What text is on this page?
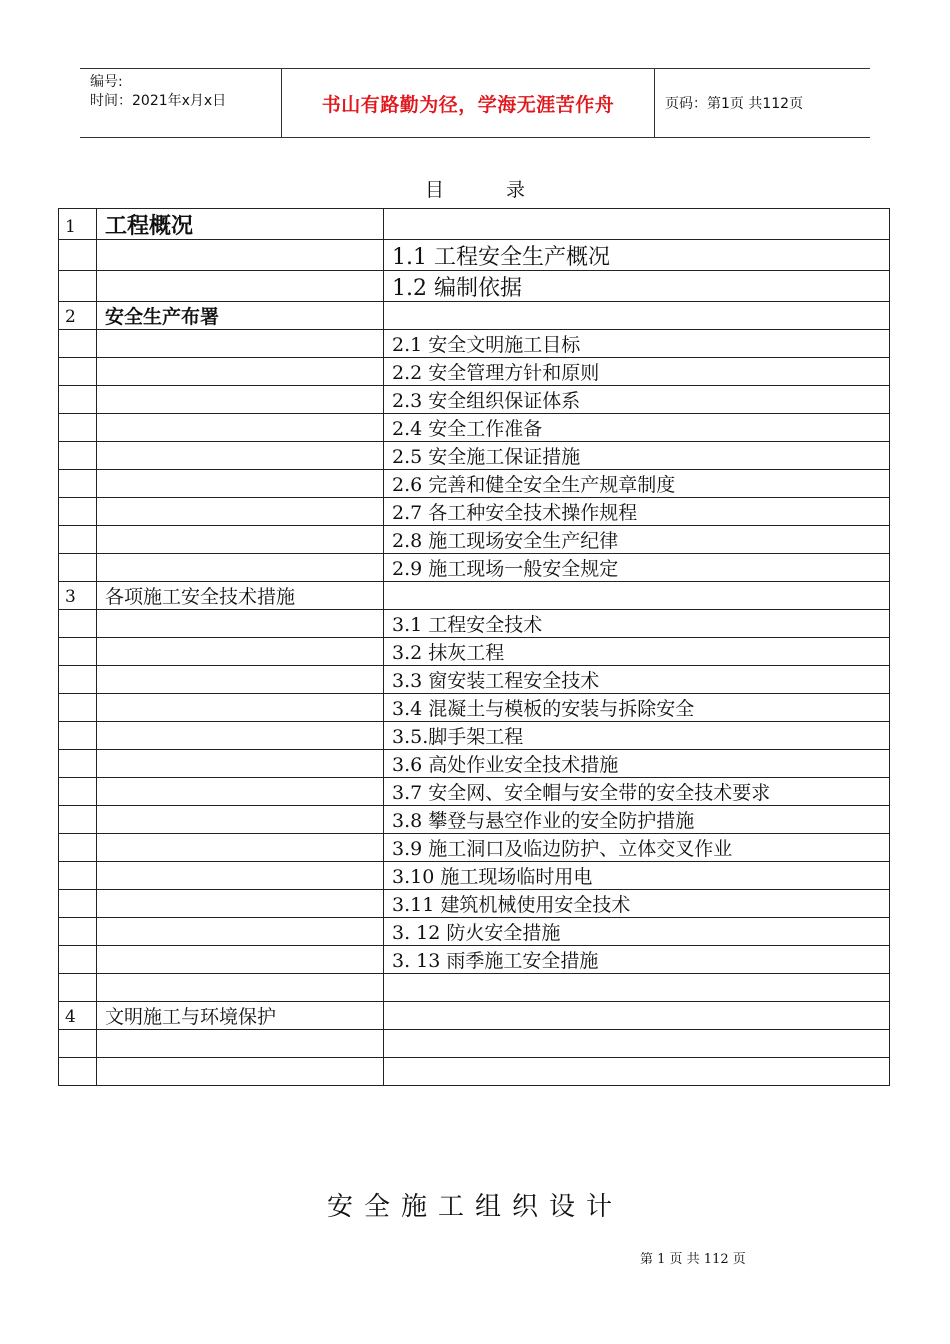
编号:
时间：2021年x月x日	书山有路勤为径，学海无涯苦作舟	页码：第1页 共112页
目 录
1	工程概况	
		1.1 工程安全生产概况
		1.2 编制依据
2	安全生产布署	
		2.1 安全文明施工目标
		2.2 安全管理方针和原则
		2.3 安全组织保证体系
		2.4 安全工作准备
		2.5 安全施工保证措施
		2.6 完善和健全安全生产规章制度
		2.7 各工种安全技术操作规程
		2.8 施工现场安全生产纪律
		2.9 施工现场一般安全规定
3	各项施工安全技术措施	
		3.1 工程安全技术
		3.2 抹灰工程
		3.3 窗安装工程安全技术
		3.4 混凝土与模板的安装与拆除安全
		3.5.脚手架工程
		3.6 高处作业安全技术措施
		3.7 安全网、安全帽与安全带的安全技术要求
		3.8 攀登与悬空作业的安全防护措施
		3.9 施工洞口及临边防护、立体交叉作业
		3.10 施工现场临时用电
		3.11 建筑机械使用安全技术
		3. 12 防火安全措施
		3. 13 雨季施工安全措施

4	文明施工与环境保护	

安全施工组织设计
第 1 页 共 112 页
